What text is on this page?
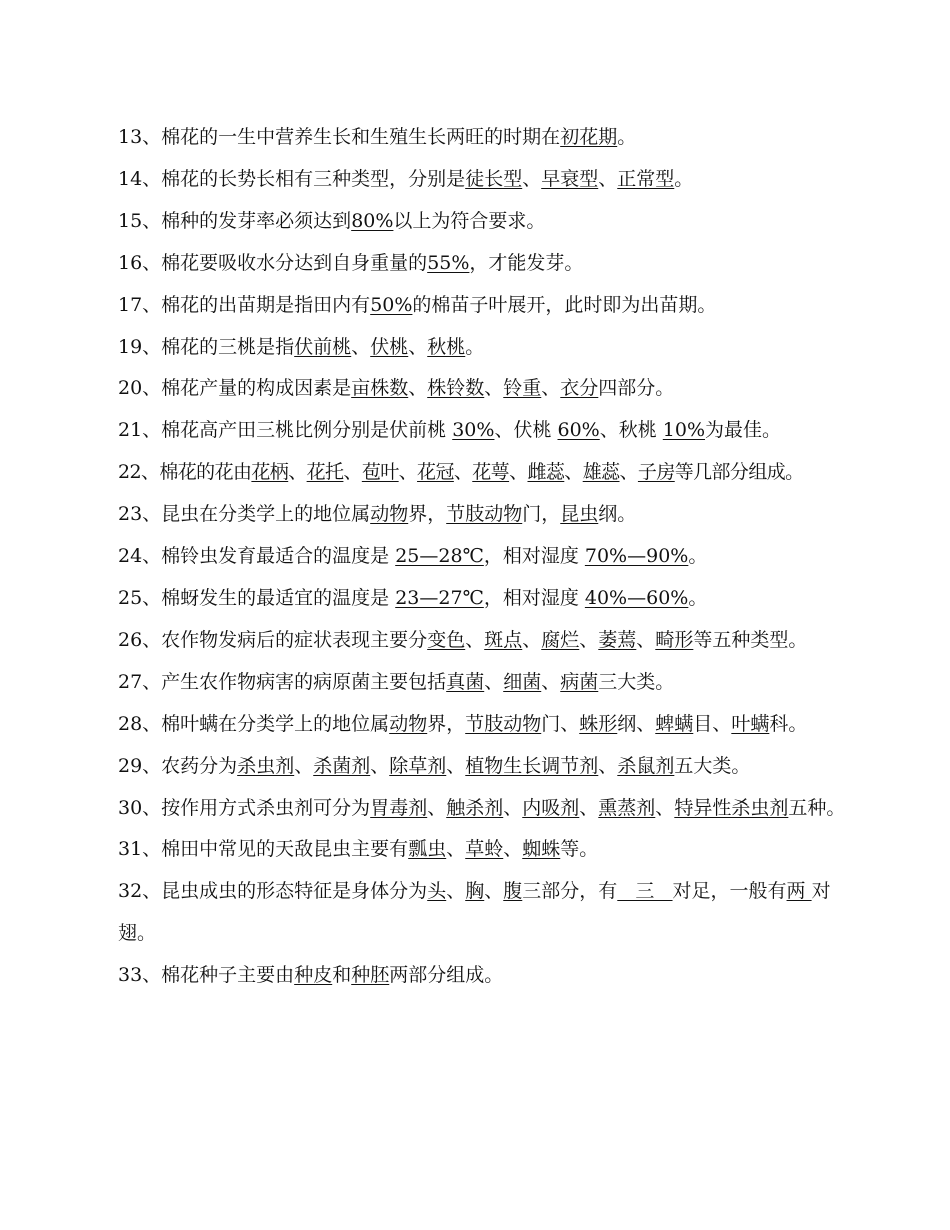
13、棉花的一生中营养生长和生殖生长两旺的时期在初花期。
14、棉花的长势长相有三种类型，分别是徒长型、早衰型、正常型。
15、棉种的发芽率必须达到80%以上为符合要求。
16、棉花要吸收水分达到自身重量的55%，才能发芽。
17、棉花的出苗期是指田内有50%的棉苗子叶展开，此时即为出苗期。
19、棉花的三桃是指伏前桃、伏桃、秋桃。
20、棉花产量的构成因素是亩株数、株铃数、铃重、衣分四部分。
21、棉花高产田三桃比例分别是伏前桃 30%、伏桃 60%、秋桃 10%为最佳。
22、棉花的花由花柄、花托、苞叶、花冠、花萼、雌蕊、雄蕊、子房等几部分组成。
23、昆虫在分类学上的地位属动物界，节肢动物门，昆虫纲。
24、棉铃虫发育最适合的温度是 25—28℃，相对湿度 70%—90%。
25、棉蚜发生的最适宜的温度是 23—27℃，相对湿度 40%—60%。
26、农作物发病后的症状表现主要分变色、斑点、腐烂、萎蔫、畸形等五种类型。
27、产生农作物病害的病原菌主要包括真菌、细菌、病菌三大类。
28、棉叶螨在分类学上的地位属动物界，节肢动物门、蛛形纲、蜱螨目、叶螨科。
29、农药分为杀虫剂、杀菌剂、除草剂、植物生长调节剂、杀鼠剂五大类。
30、按作用方式杀虫剂可分为胃毒剂、触杀剂、内吸剂、熏蒸剂、特异性杀虫剂五种。
31、棉田中常见的天敌昆虫主要有瓢虫、草蛉、蜘蛛等。
32、昆虫成虫的形态特征是身体分为头、胸、腹三部分，有   三   对足，一般有两 对翅。
33、棉花种子主要由种皮和种胚两部分组成。
